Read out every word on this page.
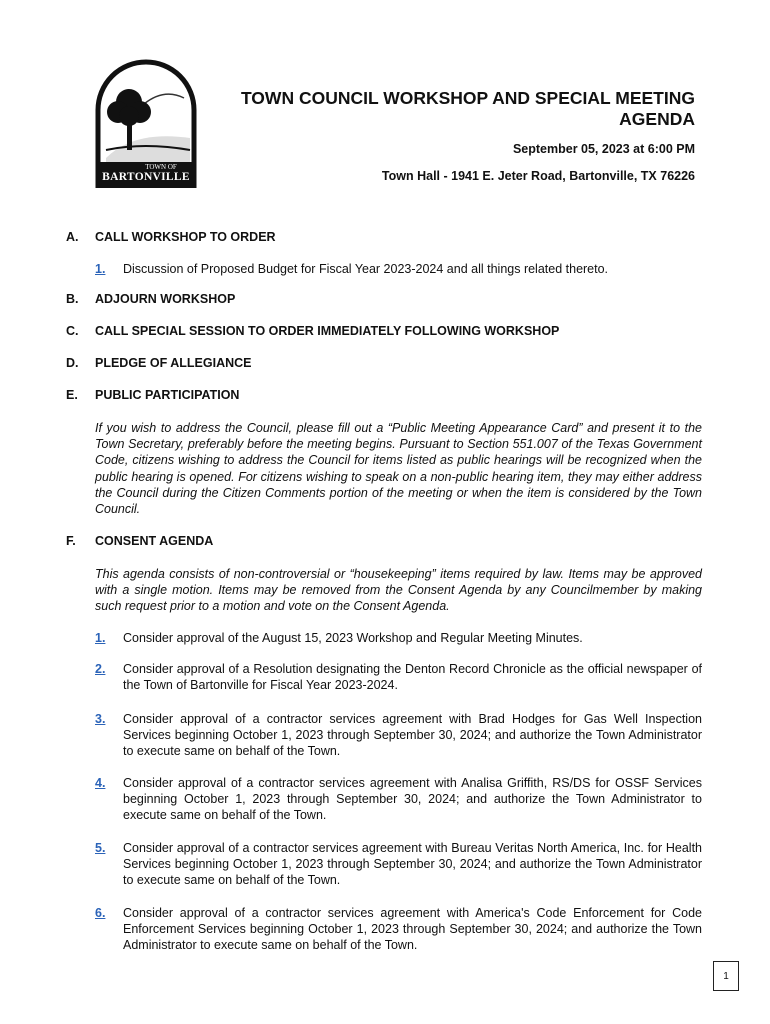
TOWN OF
BARTONVILLE
TOWN COUNCIL WORKSHOP AND SPECIAL MEETING
AGENDA
September 05, 2023 at 6:00 PM
Town Hall - 1941 E. Jeter Road, Bartonville, TX 76226
A. CALL WORKSHOP TO ORDER
1. Discussion of Proposed Budget for Fiscal Year 2023-2024 and all things related thereto.
B. ADJOURN WORKSHOP
C. CALL SPECIAL SESSION TO ORDER IMMEDIATELY FOLLOWING WORKSHOP
D. PLEDGE OF ALLEGIANCE
E. PUBLIC PARTICIPATION
If you wish to address the Council, please fill out a “Public Meeting Appearance Card” and present it to the Town Secretary, preferably before the meeting begins. Pursuant to Section 551.007 of the Texas Government Code, citizens wishing to address the Council for items listed as public hearings will be recognized when the public hearing is opened. For citizens wishing to speak on a non-public hearing item, they may either address the Council during the Citizen Comments portion of the meeting or when the item is considered by the Town Council.
F. CONSENT AGENDA
This agenda consists of non-controversial or “housekeeping” items required by law. Items may be approved with a single motion. Items may be removed from the Consent Agenda by any Councilmember by making such request prior to a motion and vote on the Consent Agenda.
1. Consider approval of the August 15, 2023 Workshop and Regular Meeting Minutes.
2. Consider approval of a Resolution designating the Denton Record Chronicle as the official newspaper of the Town of Bartonville for Fiscal Year 2023-2024.
3. Consider approval of a contractor services agreement with Brad Hodges for Gas Well Inspection Services beginning October 1, 2023 through September 30, 2024; and authorize the Town Administrator to execute same on behalf of the Town.
4. Consider approval of a contractor services agreement with Analisa Griffith, RS/DS for OSSF Services beginning October 1, 2023 through September 30, 2024; and authorize the Town Administrator to execute same on behalf of the Town.
5. Consider approval of a contractor services agreement with Bureau Veritas North America, Inc. for Health Services beginning October 1, 2023 through September 30, 2024; and authorize the Town Administrator to execute same on behalf of the Town.
6. Consider approval of a contractor services agreement with America's Code Enforcement for Code Enforcement Services beginning October 1, 2023 through September 30, 2024; and authorize the Town Administrator to execute same on behalf of the Town.
1
